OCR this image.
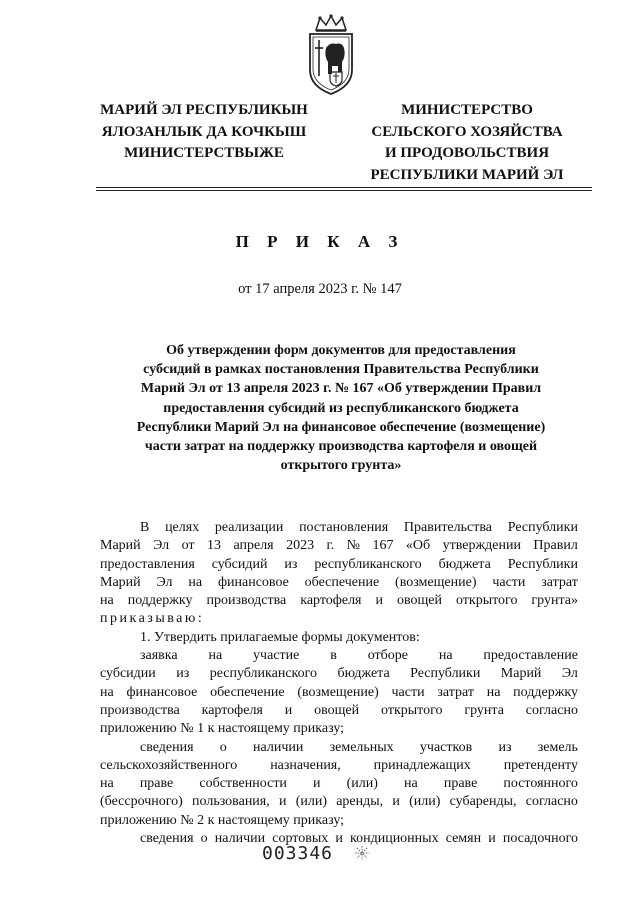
МАРИЙ ЭЛ РЕСПУБЛИКЫН
ЯЛОЗАНЛЫК ДА КОЧКЫШ
МИНИСТЕРСТВЫЖЕ
МИНИСТЕРСТВО
СЕЛЬСКОГО ХОЗЯЙСТВА
И ПРОДОВОЛЬСТВИЯ
РЕСПУБЛИКИ МАРИЙ ЭЛ
П Р И К А З
от 17 апреля 2023 г. № 147
Об утверждении форм документов для предоставления
субсидий в рамках постановления Правительства Республики
Марий Эл от 13 апреля 2023 г. № 167 «Об утверждении Правил
предоставления субсидий из республиканского бюджета
Республики Марий Эл на финансовое обеспечение (возмещение)
части затрат на поддержку производства картофеля и овощей
открытого грунта»
В целях реализации постановления Правительства Республики
Марий Эл от 13 апреля 2023 г. № 167 «Об утверждении Правил
предоставления субсидий из республиканского бюджета Республики
Марий Эл на финансовое обеспечение (возмещение) части затрат
на поддержку производства картофеля и овощей открытого грунта»
приказываю:
1. Утвердить прилагаемые формы документов:
заявка на участие в отборе на предоставление
субсидии из республиканского бюджета Республики Марий Эл
на финансовое обеспечение (возмещение) части затрат на поддержку
производства картофеля и овощей открытого грунта согласно
приложению № 1 к настоящему приказу;
сведения о наличии земельных участков из земель
сельскохозяйственного назначения, принадлежащих претенденту
на праве собственности и (или) на праве постоянного
(бессрочного) пользования, и (или) аренды, и (или) субаренды, согласно
приложению № 2 к настоящему приказу;
сведения о наличии сортовых и кондиционных семян и посадочного
003346
